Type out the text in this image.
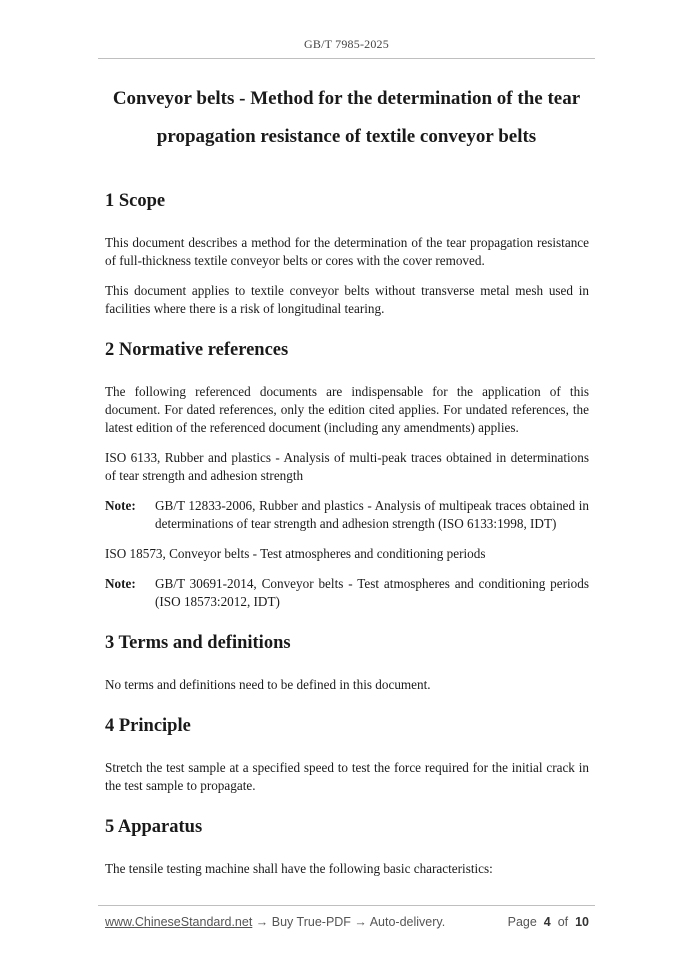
GB/T 7985-2025
Conveyor belts - Method for the determination of the tear
propagation resistance of textile conveyor belts
1 Scope

This document describes a method for the determination of the tear propagation resistance of full-thickness textile conveyor belts or cores with the cover removed.

This document applies to textile conveyor belts without transverse metal mesh used in facilities where there is a risk of longitudinal tearing.

2 Normative references

The following referenced documents are indispensable for the application of this document. For dated references, only the edition cited applies. For undated references, the latest edition of the referenced document (including any amendments) applies.

ISO 6133, Rubber and plastics - Analysis of multi-peak traces obtained in determinations of tear strength and adhesion strength

Note:	GB/T 12833-2006, Rubber and plastics - Analysis of multipeak traces obtained in determinations of tear strength and adhesion strength (ISO 6133:1998, IDT)

ISO 18573, Conveyor belts - Test atmospheres and conditioning periods

Note:	GB/T 30691-2014, Conveyor belts - Test atmospheres and conditioning periods (ISO 18573:2012, IDT)
3 Terms and definitions

No terms and definitions need to be defined in this document.

4 Principle

Stretch the test sample at a specified speed to test the force required for the initial crack in the test sample to propagate.

5 Apparatus

The tensile testing machine shall have the following basic characteristics:

www.ChineseStandard.net → Buy True-PDF → Auto-delivery.	Page 4 of 10
